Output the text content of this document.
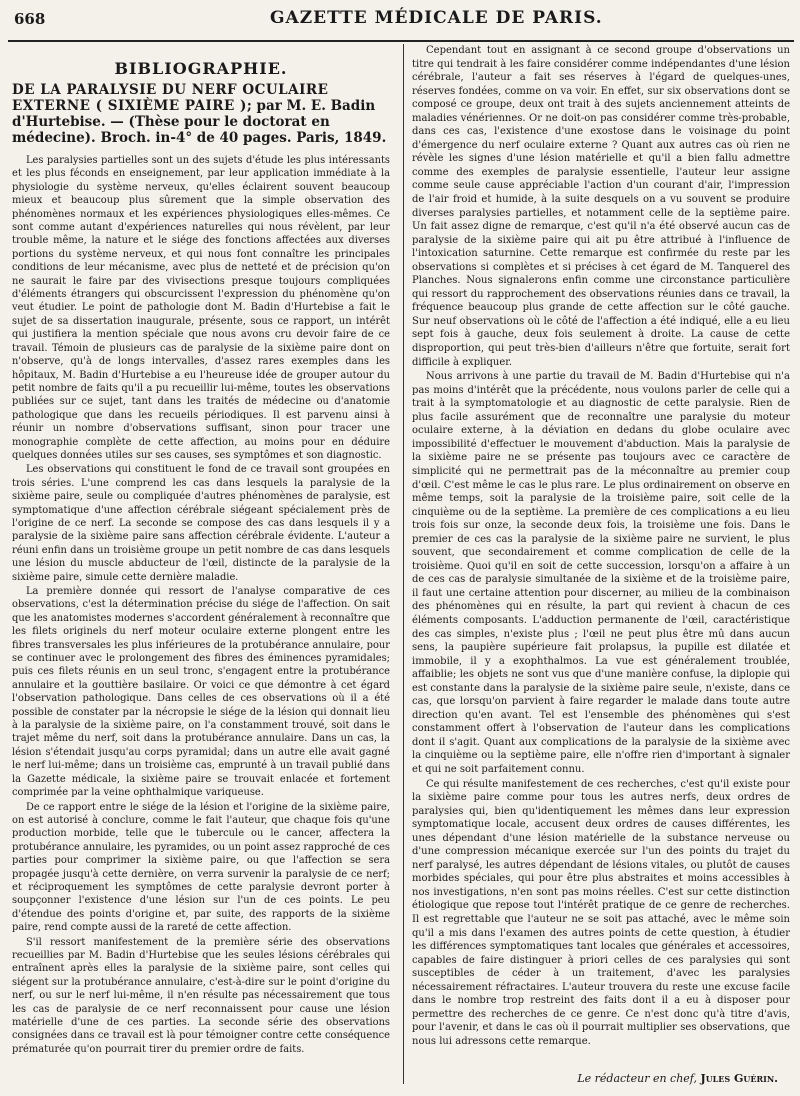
668	GAZETTE MÉDICALE DE PARIS.
BIBLIOGRAPHIE.
DE LA PARALYSIE DU NERF OCULAIRE EXTERNE ( SIXIÈME PAIRE ); par M. E. Badin d'Hurtebise. — (Thèse pour le doctorat en médecine). Broch. in-4° de 40 pages. Paris, 1849.

Les paralysies partielles sont un des sujets d'étude les plus intéressants et les plus féconds en enseignement, par leur application immédiate à la physiologie du système nerveux, qu'elles éclairent souvent beaucoup mieux et beaucoup plus sûrement que la simple observation des phénomènes normaux et les expériences physiologiques elles-mêmes. Ce sont comme autant d'expériences naturelles qui nous révèlent, par leur trouble même, la nature et le siége des fonctions affectées aux diverses portions du système nerveux, et qui nous font connaître les principales conditions de leur mécanisme, avec plus de netteté et de précision qu'on ne saurait le faire par des vivisections presque toujours compliquées d'éléments étrangers qui obscurcissent l'expression du phénomène qu'on veut étudier. Le point de pathologie dont M. Badin d'Hurtebise a fait le sujet de sa dissertation inaugurale, présente, sous ce rapport, un intérêt qui justifiera la mention spéciale que nous avons cru devoir faire de ce travail. Témoin de plusieurs cas de paralysie de la sixième paire dont on n'observe, qu'à de longs intervalles, d'assez rares exemples dans les hôpitaux, M. Badin d'Hurtebise a eu l'heureuse idée de grouper autour du petit nombre de faits qu'il a pu recueillir lui-même, toutes les observations publiées sur ce sujet, tant dans les traités de médecine ou d'anatomie pathologique que dans les recueils périodiques. Il est parvenu ainsi à réunir un nombre d'observations suffisant, sinon pour tracer une monographie complète de cette affection, au moins pour en déduire quelques données utiles sur ses causes, ses symptômes et son diagnostic.

Les observations qui constituent le fond de ce travail sont groupées en trois séries. L'une comprend les cas dans lesquels la paralysie de la sixième paire, seule ou compliquée d'autres phénomènes de paralysie, est symptomatique d'une affection cérébrale siégeant spécialement près de l'origine de ce nerf. La seconde se compose des cas dans lesquels il y a paralysie de la sixième paire sans affection cérébrale évidente. L'auteur a réuni enfin dans un troisième groupe un petit nombre de cas dans lesquels une lésion du muscle abducteur de l'œil, distincte de la paralysie de la sixième paire, simule cette dernière maladie.

La première donnée qui ressort de l'analyse comparative de ces observations, c'est la détermination précise du siége de l'affection. On sait que les anatomistes modernes s'accordent généralement à reconnaître que les filets originels du nerf moteur oculaire externe plongent entre les fibres transversales les plus inférieures de la protubérance annulaire, pour se continuer avec le prolongement des fibres des éminences pyramidales; puis ces filets réunis en un seul tronc, s'engagent entre la protubérance annulaire et la gouttière basilaire. Or voici ce que démontre à cet égard l'observation pathologique. Dans celles de ces observations où il a été possible de constater par la nécropsie le siége de la lésion qui donnait lieu à la paralysie de la sixième paire, on l'a constamment trouvé, soit dans le trajet même du nerf, soit dans la protubérance annulaire. Dans un cas, la lésion s'étendait jusqu'au corps pyramidal; dans un autre elle avait gagné le nerf lui-même; dans un troisième cas, emprunté à un travail publié dans la Gazette médicale, la sixième paire se trouvait enlacée et fortement comprimée par la veine ophthalmique variqueuse.

De ce rapport entre le siége de la lésion et l'origine de la sixième paire, on est autorisé à conclure, comme le fait l'auteur, que chaque fois qu'une production morbide, telle que le tubercule ou le cancer, affectera la protubérance annulaire, les pyramides, ou un point assez rapproché de ces parties pour comprimer la sixième paire, ou que l'affection se sera propagée jusqu'à cette dernière, on verra survenir la paralysie de ce nerf; et réciproquement les symptômes de cette paralysie devront porter à soupçonner l'existence d'une lésion sur l'un de ces points. Le peu d'étendue des points d'origine et, par suite, des rapports de la sixième paire, rend compte aussi de la rareté de cette affection.

S'il ressort manifestement de la première série des observations recueillies par M. Badin d'Hurtebise que les seules lésions cérébrales qui entraînent après elles la paralysie de la sixième paire, sont celles qui siégent sur la protubérance annulaire, c'est-à-dire sur le point d'origine du nerf, ou sur le nerf lui-même, il n'en résulte pas nécessairement que tous les cas de paralysie de ce nerf reconnaissent pour cause une lésion matérielle d'une de ces parties. La seconde série des observations consignées dans ce travail est là pour témoigner contre cette conséquence prématurée qu'on pourrait tirer du premier ordre de faits.

Cependant tout en assignant à ce second groupe d'observations un titre qui tendrait à les faire considérer comme indépendantes d'une lésion cérébrale, l'auteur a fait ses réserves à l'égard de quelques-unes, réserves fondées, comme on va voir. En effet, sur six observations dont se composé ce groupe, deux ont trait à des sujets anciennement atteints de maladies vénériennes. Or ne doit-on pas considérer comme très-probable, dans ces cas, l'existence d'une exostose dans le voisinage du point d'émergence du nerf oculaire externe ? Quant aux autres cas où rien ne révèle les signes d'une lésion matérielle et qu'il a bien fallu admettre comme des exemples de paralysie essentielle, l'auteur leur assigne comme seule cause appréciable l'action d'un courant d'air, l'impression de l'air froid et humide, à la suite desquels on a vu souvent se produire diverses paralysies partielles, et notamment celle de la septième paire. Un fait assez digne de remarque, c'est qu'il n'a été observé aucun cas de paralysie de la sixième paire qui ait pu être attribué à l'influence de l'intoxication saturnine. Cette remarque est confirmée du reste par les observations si complètes et si précises à cet égard de M. Tanquerel des Planches. Nous signalerons enfin comme une circonstance particulière qui ressort du rapprochement des observations réunies dans ce travail, la fréquence beaucoup plus grande de cette affection sur le côté gauche. Sur neuf observations où le côté de l'affection a été indiqué, elle a eu lieu sept fois à gauche, deux fois seulement à droite. La cause de cette disproportion, qui peut très-bien d'ailleurs n'être que fortuite, serait fort difficile à expliquer.

Nous arrivons à une partie du travail de M. Badin d'Hurtebise qui n'a pas moins d'intérêt que la précédente, nous voulons parler de celle qui a trait à la symptomatologie et au diagnostic de cette paralysie. Rien de plus facile assurément que de reconnaître une paralysie du moteur oculaire externe, à la déviation en dedans du globe oculaire avec impossibilité d'effectuer le mouvement d'abduction. Mais la paralysie de la sixième paire ne se présente pas toujours avec ce caractère de simplicité qui ne permettrait pas de la méconnaître au premier coup d'œil. C'est même le cas le plus rare. Le plus ordinairement on observe en même temps, soit la paralysie de la troisième paire, soit celle de la cinquième ou de la septième. La première de ces complications a eu lieu trois fois sur onze, la seconde deux fois, la troisième une fois. Dans le premier de ces cas la paralysie de la sixième paire ne survient, le plus souvent, que secondairement et comme complication de celle de la troisième. Quoi qu'il en soit de cette succession, lorsqu'on a affaire à un de ces cas de paralysie simultanée de la sixième et de la troisième paire, il faut une certaine attention pour discerner, au milieu de la combinaison des phénomènes qui en résulte, la part qui revient à chacun de ces éléments composants. L'adduction permanente de l'œil, caractéristique des cas simples, n'existe plus ; l'œil ne peut plus être mû dans aucun sens, la paupière supérieure fait prolapsus, la pupille est dilatée et immobile, il y a exophthalmos. La vue est généralement troublée, affaiblie; les objets ne sont vus que d'une manière confuse, la diplopie qui est constante dans la paralysie de la sixième paire seule, n'existe, dans ce cas, que lorsqu'on parvient à faire regarder le malade dans toute autre direction qu'en avant. Tel est l'ensemble des phénomènes qui s'est constamment offert à l'observation de l'auteur dans les complications dont il s'agit. Quant aux complications de la paralysie de la sixième avec la cinquième ou la septième paire, elle n'offre rien d'important à signaler et qui ne soit parfaitement connu.

Ce qui résulte manifestement de ces recherches, c'est qu'il existe pour la sixième paire comme pour tous les autres nerfs, deux ordres de paralysies qui, bien qu'identiquement les mêmes dans leur expression symptomatique locale, accusent deux ordres de causes différentes, les unes dépendant d'une lésion matérielle de la substance nerveuse ou d'une compression mécanique exercée sur l'un des points du trajet du nerf paralysé, les autres dépendant de lésions vitales, ou plutôt de causes morbides spéciales, qui pour être plus abstraites et moins accessibles à nos investigations, n'en sont pas moins réelles. C'est sur cette distinction étiologique que repose tout l'intérêt pratique de ce genre de recherches. Il est regrettable que l'auteur ne se soit pas attaché, avec le même soin qu'il a mis dans l'examen des autres points de cette question, à étudier les différences symptomatiques tant locales que générales et accessoires, capables de faire distinguer à priori celles de ces paralysies qui sont susceptibles de céder à un traitement, d'avec les paralysies nécessairement réfractaires. L'auteur trouvera du reste une excuse facile dans le nombre trop restreint des faits dont il a eu à disposer pour permettre des recherches de ce genre. Ce n'est donc qu'à titre d'avis, pour l'avenir, et dans le cas où il pourrait multiplier ses observations, que nous lui adressons cette remarque.

Le rédacteur en chef, Jules Guérin.
